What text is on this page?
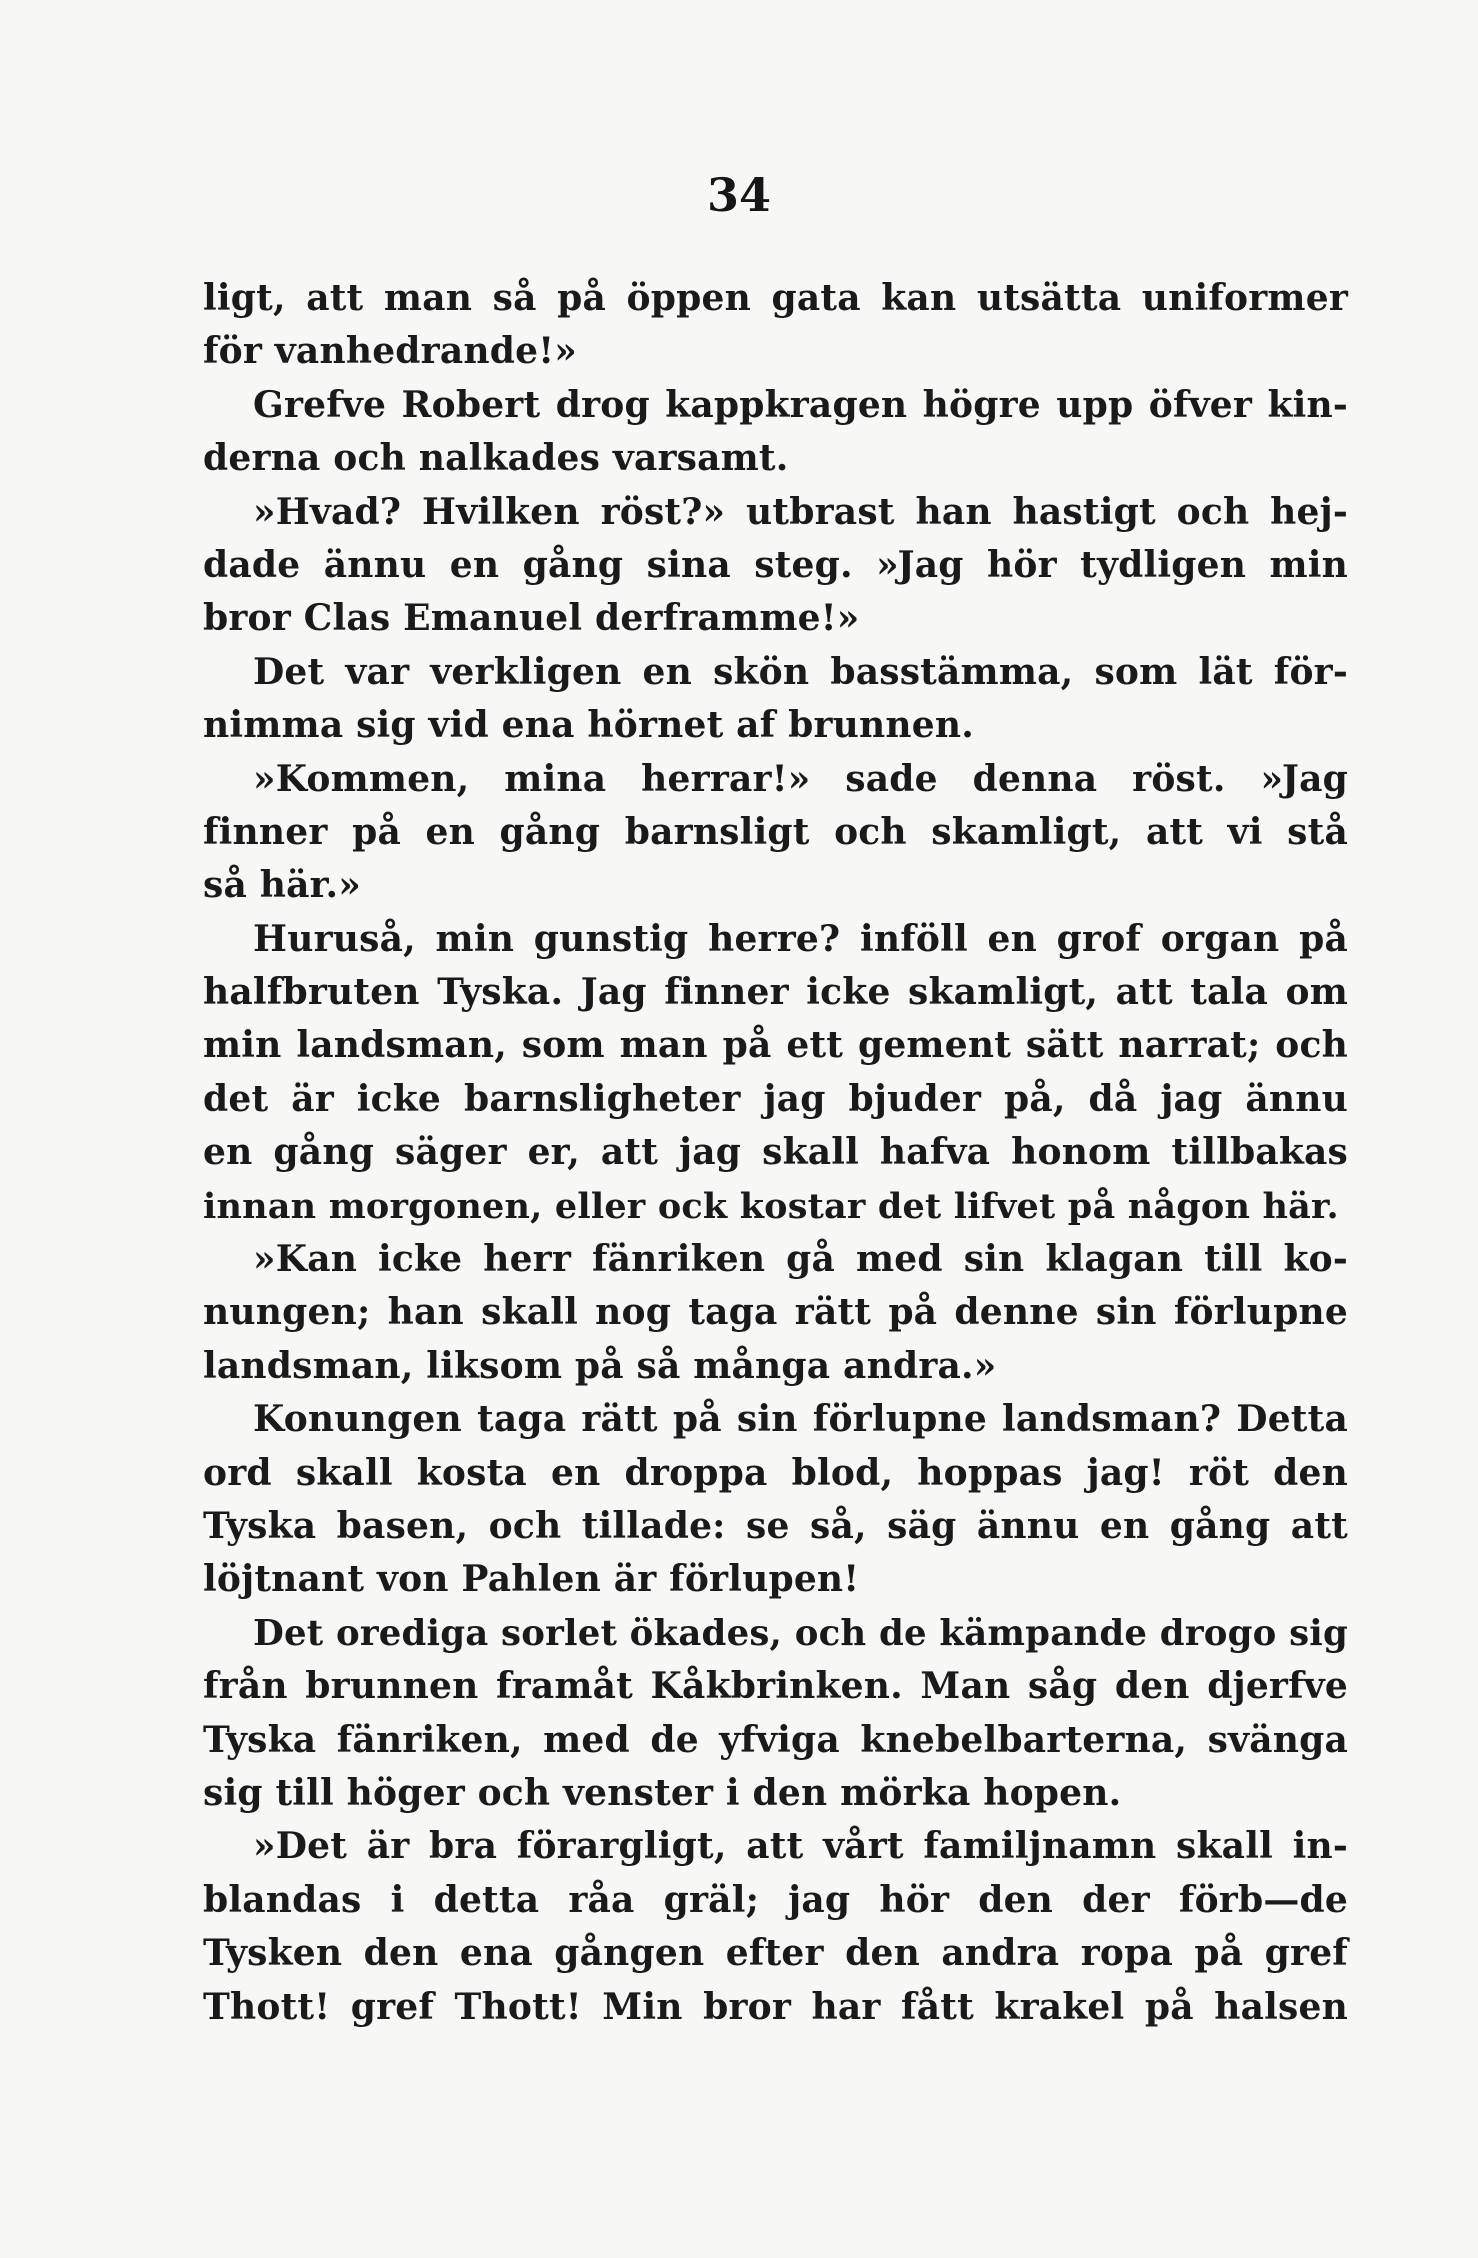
34
ligt, att man så på öppen gata kan utsätta uniformer
för vanhedrande!»
Grefve Robert drog kappkragen högre upp öfver kin-
derna och nalkades varsamt.
»Hvad? Hvilken röst?» utbrast han hastigt och hej-
dade ännu en gång sina steg. »Jag hör tydligen min
bror Clas Emanuel derframme!»
Det var verkligen en skön basstämma, som lät för-
nimma sig vid ena hörnet af brunnen.
»Kommen, mina herrar!» sade denna röst. »Jag
finner på en gång barnsligt och skamligt, att vi stå
så här.»
Huruså, min gunstig herre? inföll en grof organ på
halfbruten Tyska. Jag finner icke skamligt, att tala om
min landsman, som man på ett gement sätt narrat; och
det är icke barnsligheter jag bjuder på, då jag ännu
en gång säger er, att jag skall hafva honom tillbakas
innan morgonen, eller ock kostar det lifvet på någon här.
»Kan icke herr fänriken gå med sin klagan till ko-
nungen; han skall nog taga rätt på denne sin förlupne
landsman, liksom på så många andra.»
Konungen taga rätt på sin förlupne landsman? Detta
ord skall kosta en droppa blod, hoppas jag! röt den
Tyska basen, och tillade: se så, säg ännu en gång att
löjtnant von Pahlen är förlupen!
Det orediga sorlet ökades, och de kämpande drogo sig
från brunnen framåt Kåkbrinken. Man såg den djerfve
Tyska fänriken, med de yfviga knebelbarterna, svänga
sig till höger och venster i den mörka hopen.
»Det är bra förargligt, att vårt familjnamn skall in-
blandas i detta råa gräl; jag hör den der förb—de
Tysken den ena gången efter den andra ropa på gref
Thott! gref Thott! Min bror har fått krakel på halsen
